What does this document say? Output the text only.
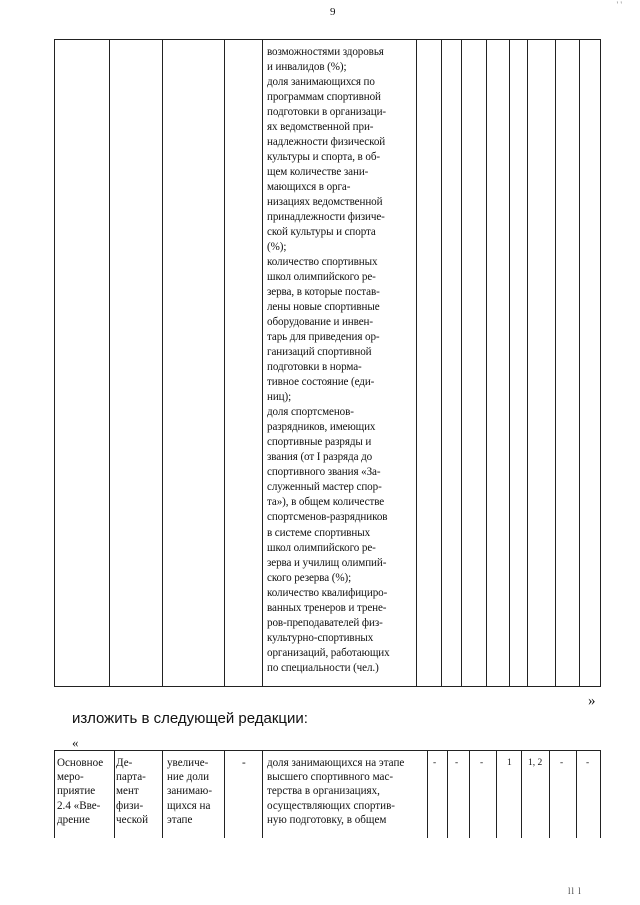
9
' '
возможностями здоровья
и инвалидов (%);
доля занимающихся по
программам спортивной
подготовки в организаци-
ях ведомственной при-
надлежности физической
культуры и спорта, в об-
щем количестве зани-
мающихся в орга-
низациях ведомственной
принадлежности физиче-
ской культуры и спорта
(%);
количество спортивных
школ олимпийского ре-
зерва, в которые постав-
лены новые спортивные
оборудование и инвен-
тарь для приведения ор-
ганизаций спортивной
подготовки в норма-
тивное состояние (еди-
ниц);
доля спортсменов-
разрядников, имеющих
спортивные разряды и
звания (от I разряда до
спортивного звания «За-
служенный мастер спор-
та»), в общем количестве
спортсменов-разрядников
в системе спортивных
школ олимпийского ре-
зерва и училищ олимпий-
ского резерва (%);
количество квалифициро-
ванных тренеров и трене-
ров-преподавателей физ-
культурно-спортивных
организаций, работающих
по специальности (чел.)
»
изложить в следующей редакции:
«
Основное
меро-
приятие
2.4 «Вве-
дрение
Де-
парта-
мент
физи-
ческой
увеличе-
ние доли
занимаю-
щихся на
этапе
- доля занимающихся на этапе
высшего спортивного мас-
терства в организациях,
осуществляющих спортив-
ную подготовку, в общем
- - -	1 1, 2 - -
ll l
